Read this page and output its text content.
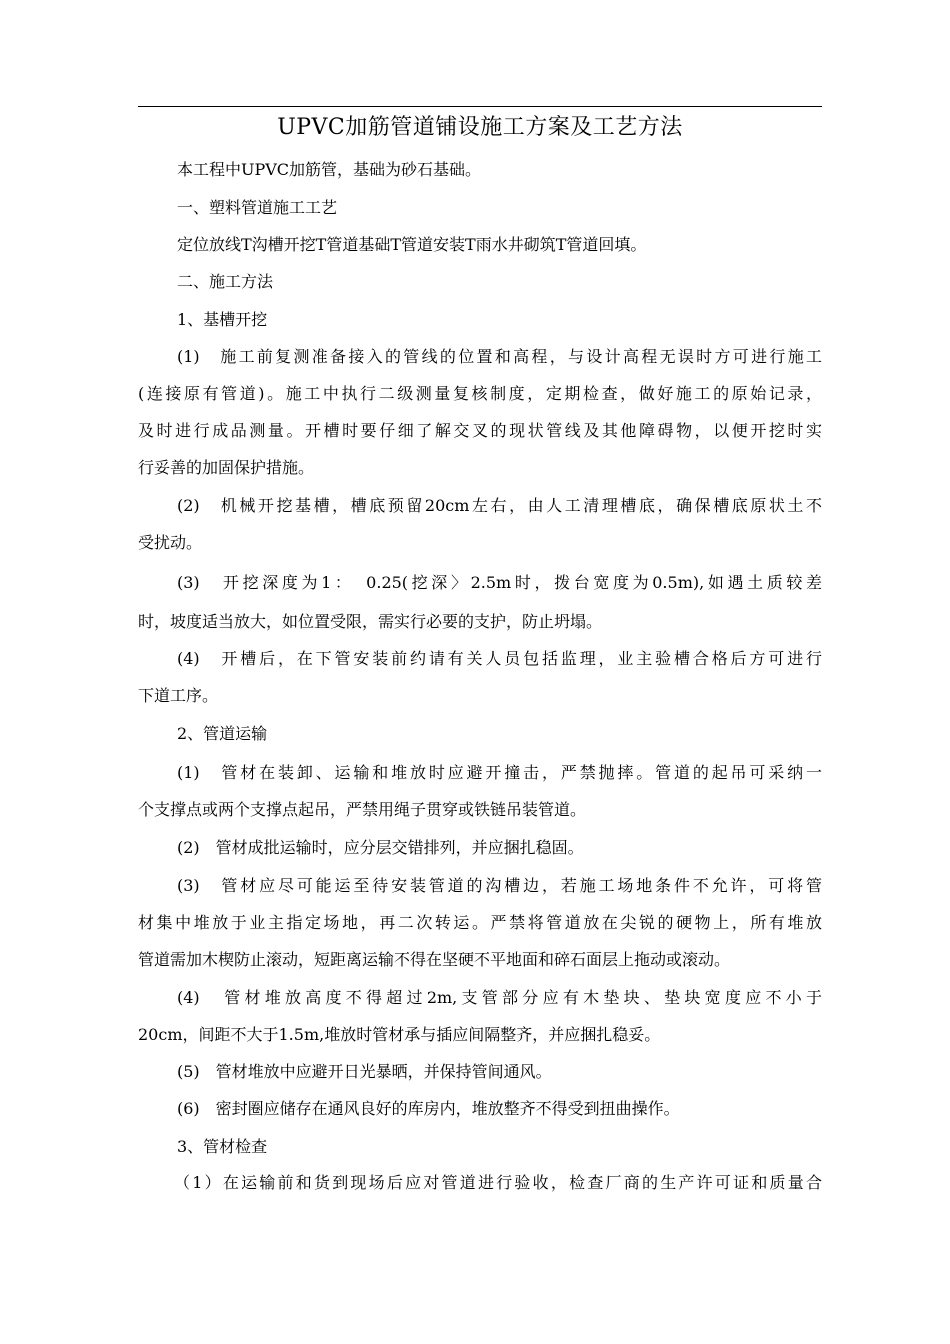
UPVC加筋管道铺设施工方案及工艺方法
本工程中UPVC加筋管，基础为砂石基础。
一、塑料管道施工工艺
定位放线T沟槽开挖T管道基础T管道安装T雨水井砌筑T管道回填。
二、施工方法
1、基槽开挖
(1)　施工前复测准备接入的管线的位置和高程，与设计高程无误时方可进行施工
(连接原有管道)。施工中执行二级测量复核制度，定期检查，做好施工的原始记录，
及时进行成品测量。开槽时要仔细了解交叉的现状管线及其他障碍物，以便开挖时实
行妥善的加固保护措施。
(2)　机械开挖基槽，槽底预留20cm左右，由人工清理槽底，确保槽底原状土不
受扰动。
(3)　开挖深度为1：　0.25(挖深〉2.5m时，拨台宽度为0.5m),如遇土质较差
时，坡度适当放大，如位置受限，需实行必要的支护，防止坍塌。
(4)　开槽后，在下管安装前约请有关人员包括监理，业主验槽合格后方可进行
下道工序。
2、管道运输
(1)　管材在装卸、运输和堆放时应避开撞击，严禁抛摔。管道的起吊可采纳一
个支撑点或两个支撑点起吊，严禁用绳子贯穿或铁链吊装管道。
(2)　管材成批运输时，应分层交错排列，并应捆扎稳固。
(3)　管材应尽可能运至待安装管道的沟槽边，若施工场地条件不允许，可将管
材集中堆放于业主指定场地，再二次转运。严禁将管道放在尖锐的硬物上，所有堆放
管道需加木楔防止滚动，短距离运输不得在坚硬不平地面和碎石面层上拖动或滚动。
(4)　管材堆放高度不得超过2m,支管部分应有木垫块、垫块宽度应不小于
20cm，间距不大于1.5m,堆放时管材承与插应间隔整齐，并应捆扎稳妥。
(5)　管材堆放中应避开日光暴晒，并保持管间通风。
(6)　密封圈应储存在通风良好的库房内，堆放整齐不得受到扭曲操作。
3、管材检查
（1）在运输前和货到现场后应对管道进行验收，检查厂商的生产许可证和质量合
